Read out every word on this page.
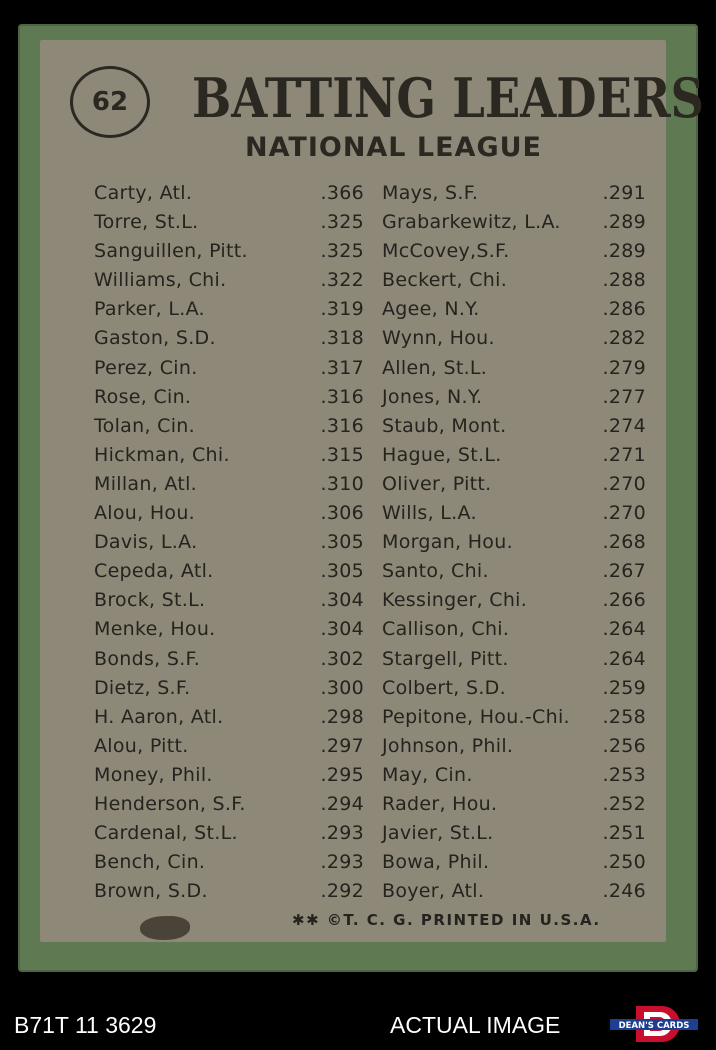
62	BATTING LEADERS
NATIONAL LEAGUE
Carty, Atl.	.366
Torre, St.L.	.325
Sanguillen, Pitt.	.325
Williams, Chi.	.322
Parker, L.A.	.319
Gaston, S.D.	.318
Perez, Cin.	.317
Rose, Cin.	.316
Tolan, Cin.	.316
Hickman, Chi.	.315
Millan, Atl.	.310
Alou, Hou.	.306
Davis, L.A.	.305
Cepeda, Atl.	.305
Brock, St.L.	.304
Menke, Hou.	.304
Bonds, S.F.	.302
Dietz, S.F.	.300
H. Aaron, Atl.	.298
Alou, Pitt.	.297
Money, Phil.	.295
Henderson, S.F.	.294
Cardenal, St.L.	.293
Bench, Cin.	.293
Brown, S.D.	.292
Mays, S.F.	.291
Grabarkewitz, L.A. .289
McCovey,S.F.	.289
Beckert, Chi.	.288
Agee, N.Y.	.286
Wynn, Hou.	.282
Allen, St.L.	.279
Jones, N.Y.	.277
Staub, Mont.	.274
Hague, St.L.	.271
Oliver, Pitt.	.270
Wills, L.A.	.270
Morgan, Hou.	.268
Santo, Chi.	.267
Kessinger, Chi.	.266
Callison, Chi.	.264
Stargell, Pitt.	.264
Colbert, S.D.	.259
Pepitone, Hou.-Chi. .258
Johnson, Phil.	.256
May, Cin.	.253
Rader, Hou.	.252
Javier, St.L.	.251
Bowa, Phil.	.250
Boyer, Atl.	.246
✱✱ ©T. C. G. PRINTED IN U.S.A.
B71T 11 3629	ACTUAL IMAGE	DEAN'S CARDS
